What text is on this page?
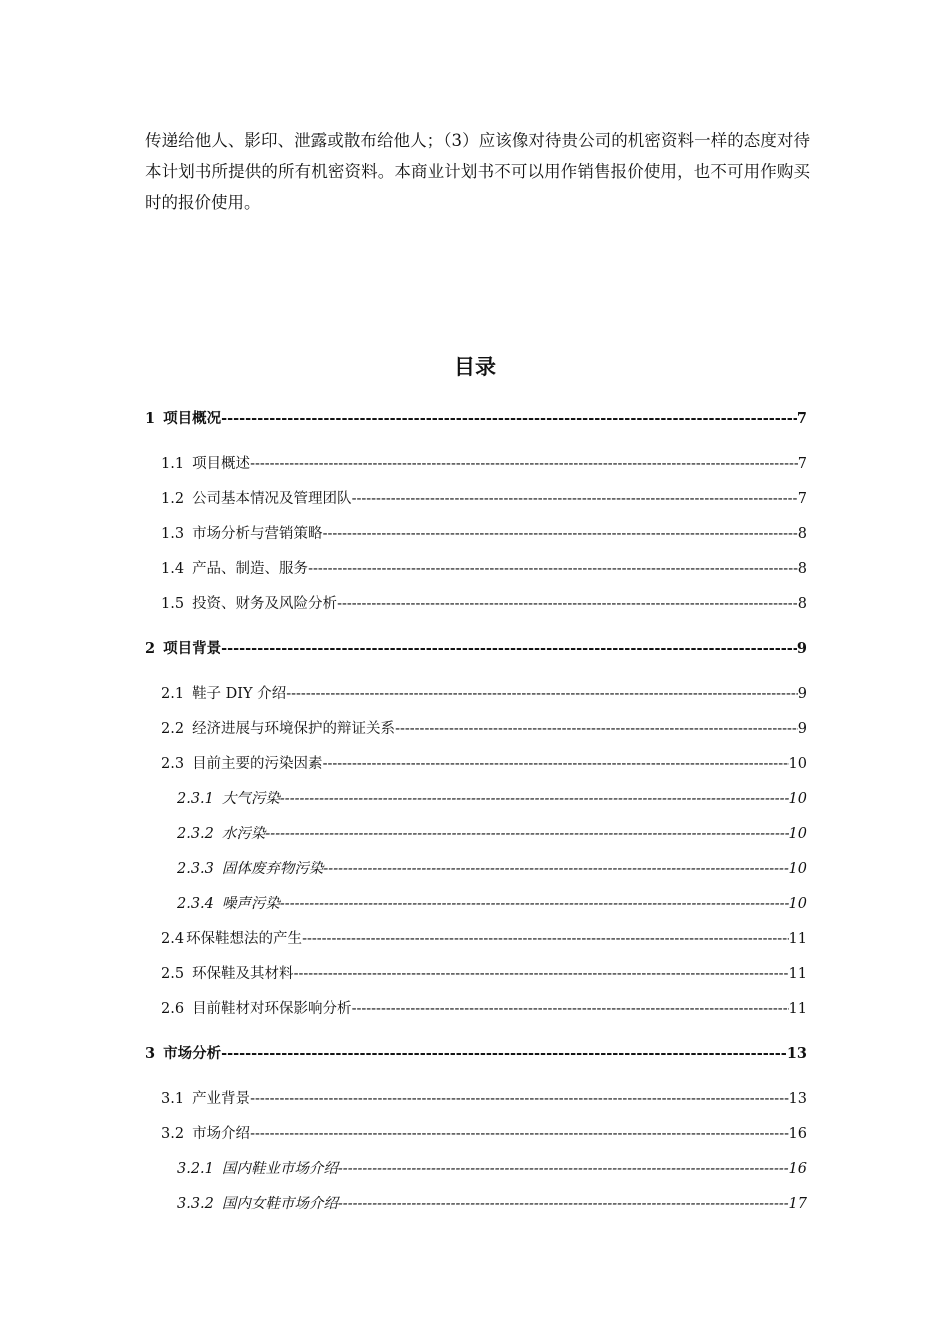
传递给他人、影印、泄露或散布给他人；（3）应该像对待贵公司的机密资料一样的态度对待本计划书所提供的所有机密资料。本商业计划书不可以用作销售报价使用，也不可用作购买时的报价使用。

目录
1 项目概况 -----	7
1.1 项目概述 -----	7
1.2 公司基本情况及管理团队 -----	7
1.3 市场分析与营销策略 -----	8
1.4 产品、制造、服务 -----	8
1.5 投资、财务及风险分析 -----	8
2 项目背景 -----	9
2.1 鞋子 DIY 介绍 -----	9
2.2 经济进展与环境保护的辩证关系 -----	9
2.3 目前主要的污染因素 -----	10
2.3.1 大气污染 -----	10
2.3.2 水污染 -----	10
2.3.3 固体废弃物污染 -----	10
2.3.4 噪声污染 -----	10
2.4 环保鞋想法的产生 -----	11
2.5 环保鞋及其材料 -----	11
2.6 目前鞋材对环保影响分析 -----	11
3 市场分析 -----	13
3.1 产业背景 -----	13
3.2 市场介绍 -----	16
3.2.1 国内鞋业市场介绍 -----	16
3.3.2 国内女鞋市场介绍 -----	17
